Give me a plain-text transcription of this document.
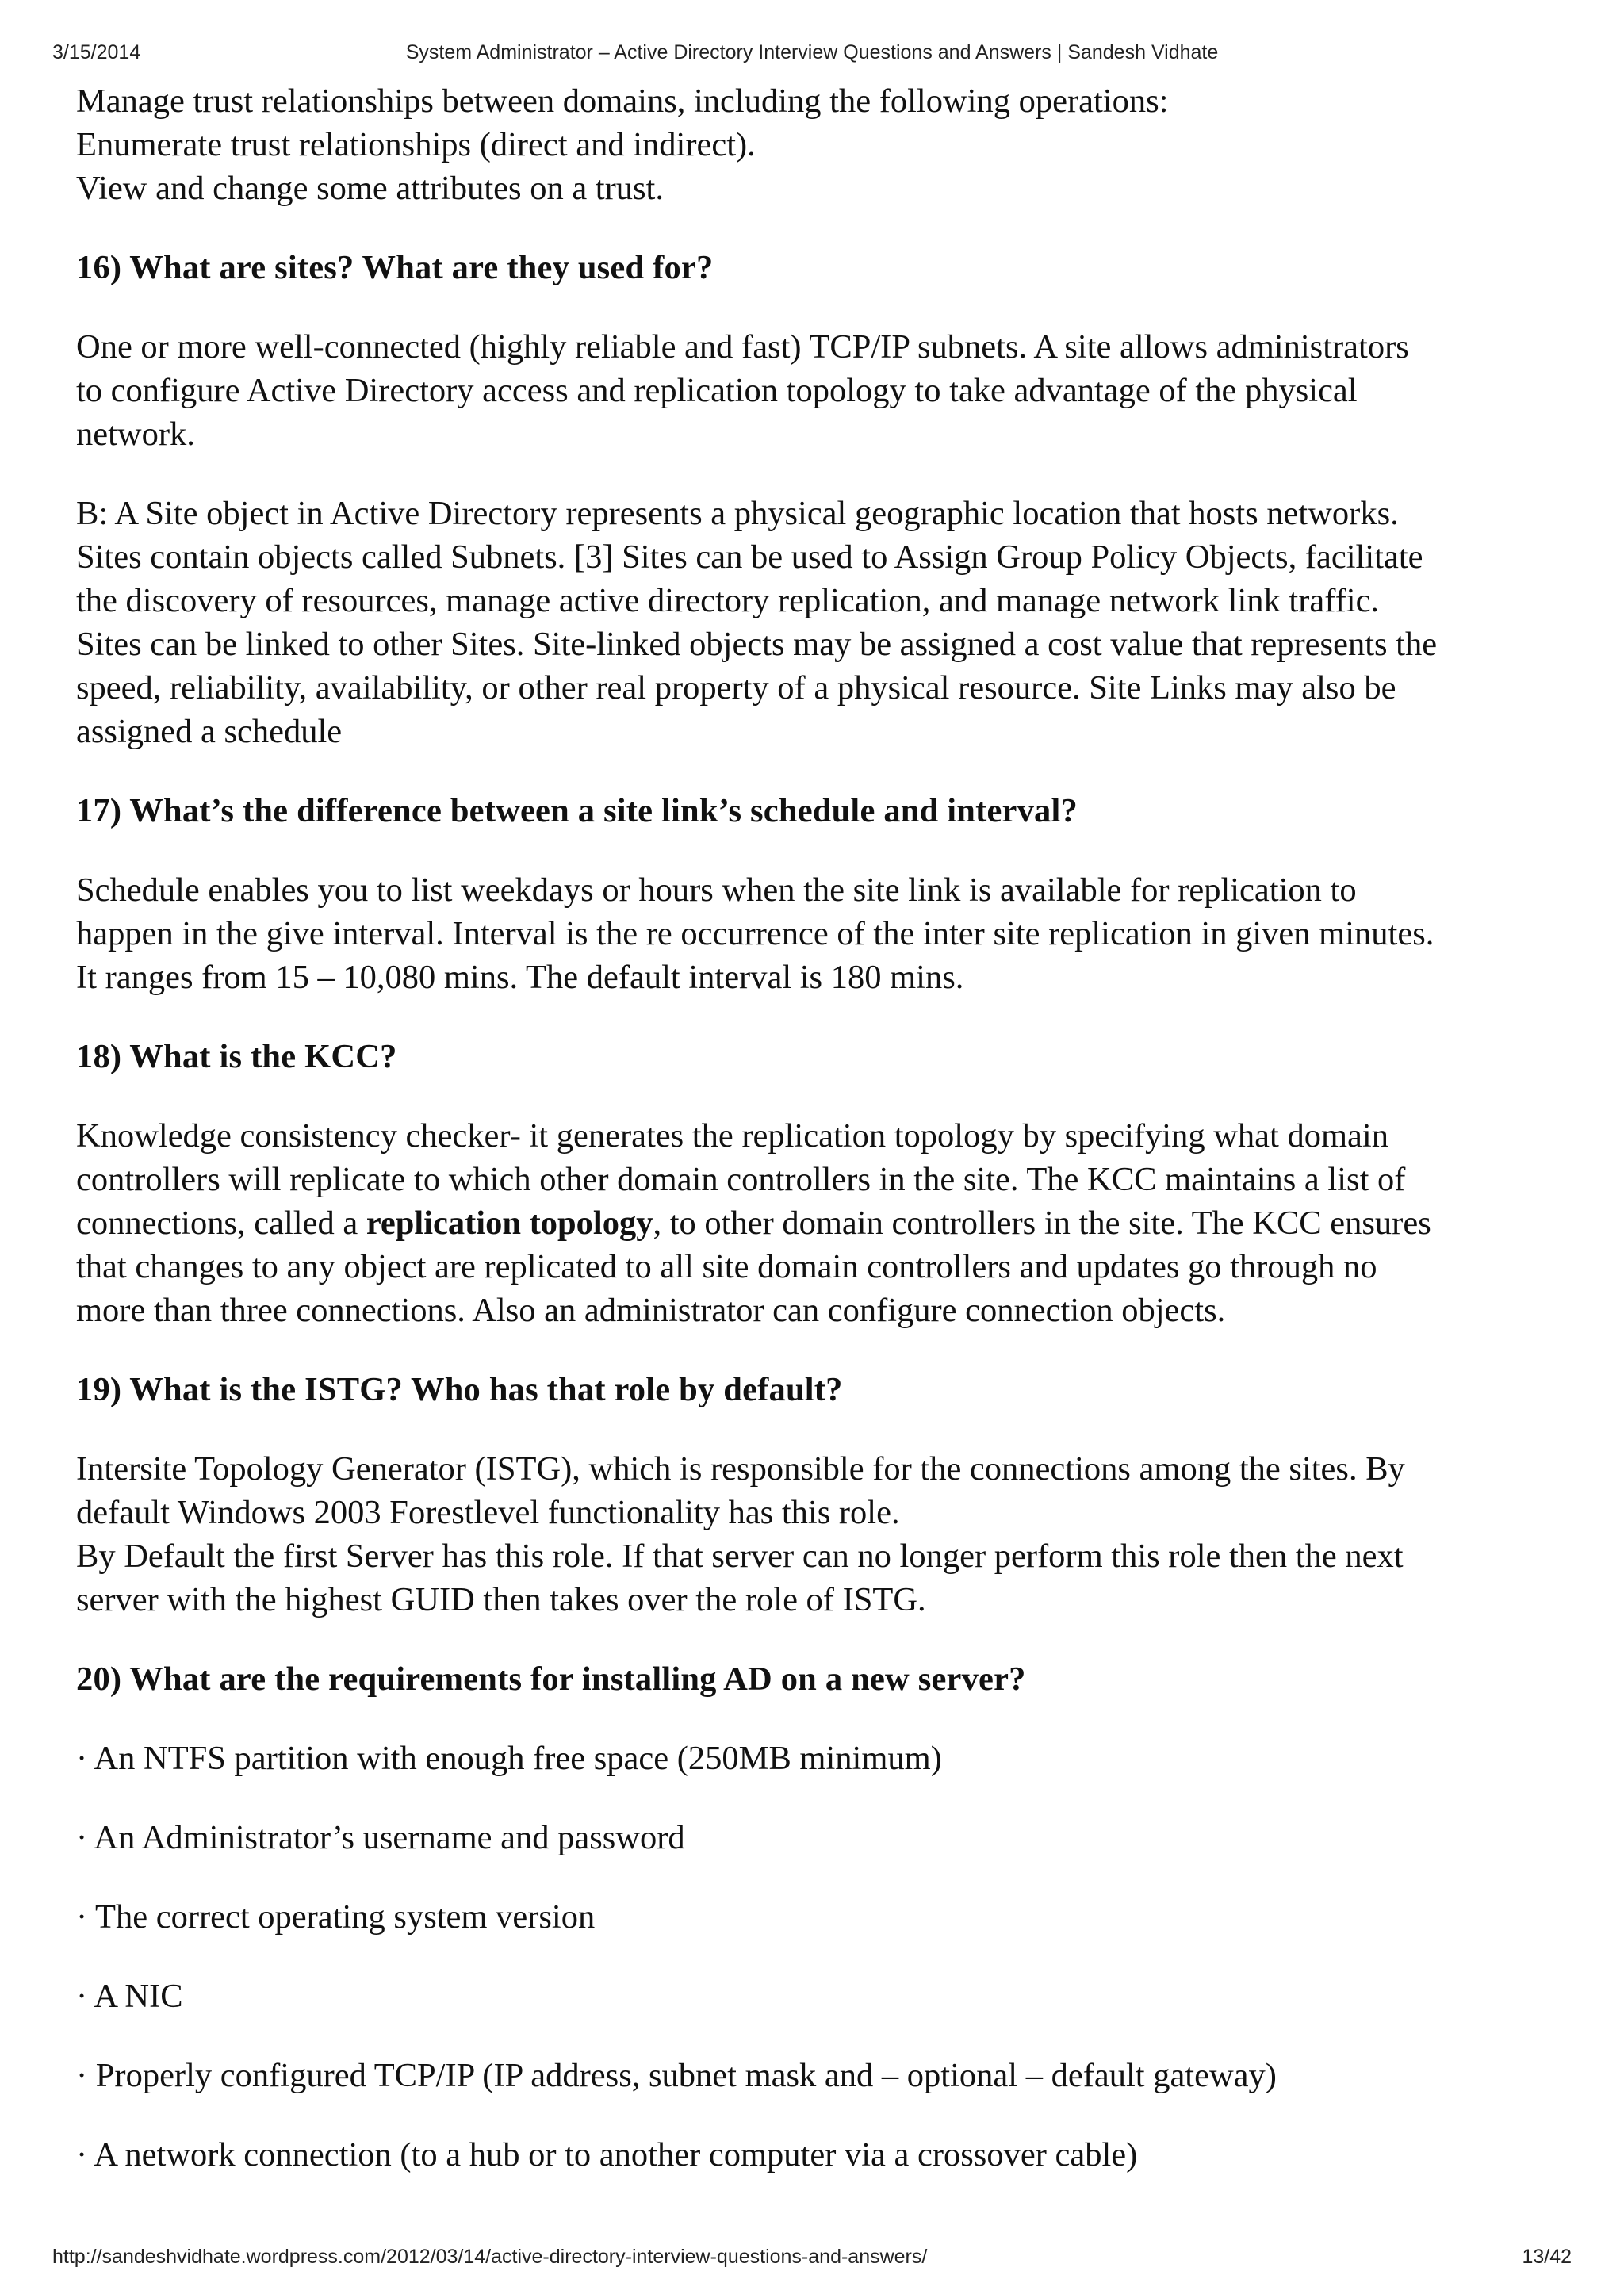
3/15/2014	System Administrator – Active Directory Interview Questions and Answers | Sandesh Vidhate

Manage trust relationships between domains, including the following operations:

Enumerate trust relationships (direct and indirect).

View and change some attributes on a trust.

16) What are sites? What are they used for?

One or more well-connected (highly reliable and fast) TCP/IP subnets. A site allows administrators

to configure Active Directory access and replication topology to take advantage of the physical

network.

B: A Site object in Active Directory represents a physical geographic location that hosts networks.

Sites contain objects called Subnets. [3] Sites can be used to Assign Group Policy Objects, facilitate

the discovery of resources, manage active directory replication, and manage network link traffic.

Sites can be linked to other Sites. Site-linked objects may be assigned a cost value that represents the

speed, reliability, availability, or other real property of a physical resource. Site Links may also be

assigned a schedule

17) What’s the difference between a site link’s schedule and interval?

Schedule enables you to list weekdays or hours when the site link is available for replication to

happen in the give interval. Interval is the re occurrence of the inter site replication in given minutes.

It ranges from 15 – 10,080 mins. The default interval is 180 mins.

18) What is the KCC?

Knowledge consistency checker- it generates the replication topology by specifying what domain

controllers will replicate to which other domain controllers in the site. The KCC maintains a list of

connections, called a replication topology, to other domain controllers in the site. The KCC ensures

that changes to any object are replicated to all site domain controllers and updates go through no

more than three connections. Also an administrator can configure connection objects.

19) What is the ISTG? Who has that role by default?

Intersite Topology Generator (ISTG), which is responsible for the connections among the sites. By

default Windows 2003 Forestlevel functionality has this role.

By Default the first Server has this role. If that server can no longer perform this role then the next

server with the highest GUID then takes over the role of ISTG.

20) What are the requirements for installing AD on a new server?

· An NTFS partition with enough free space (250MB minimum)

· An Administrator’s username and password

· The correct operating system version

· A NIC

· Properly configured TCP/IP (IP address, subnet mask and – optional – default gateway)

· A network connection (to a hub or to another computer via a crossover cable)

http://sandeshvidhate.wordpress.com/2012/03/14/active-directory-interview-questions-and-answers/	13/42
